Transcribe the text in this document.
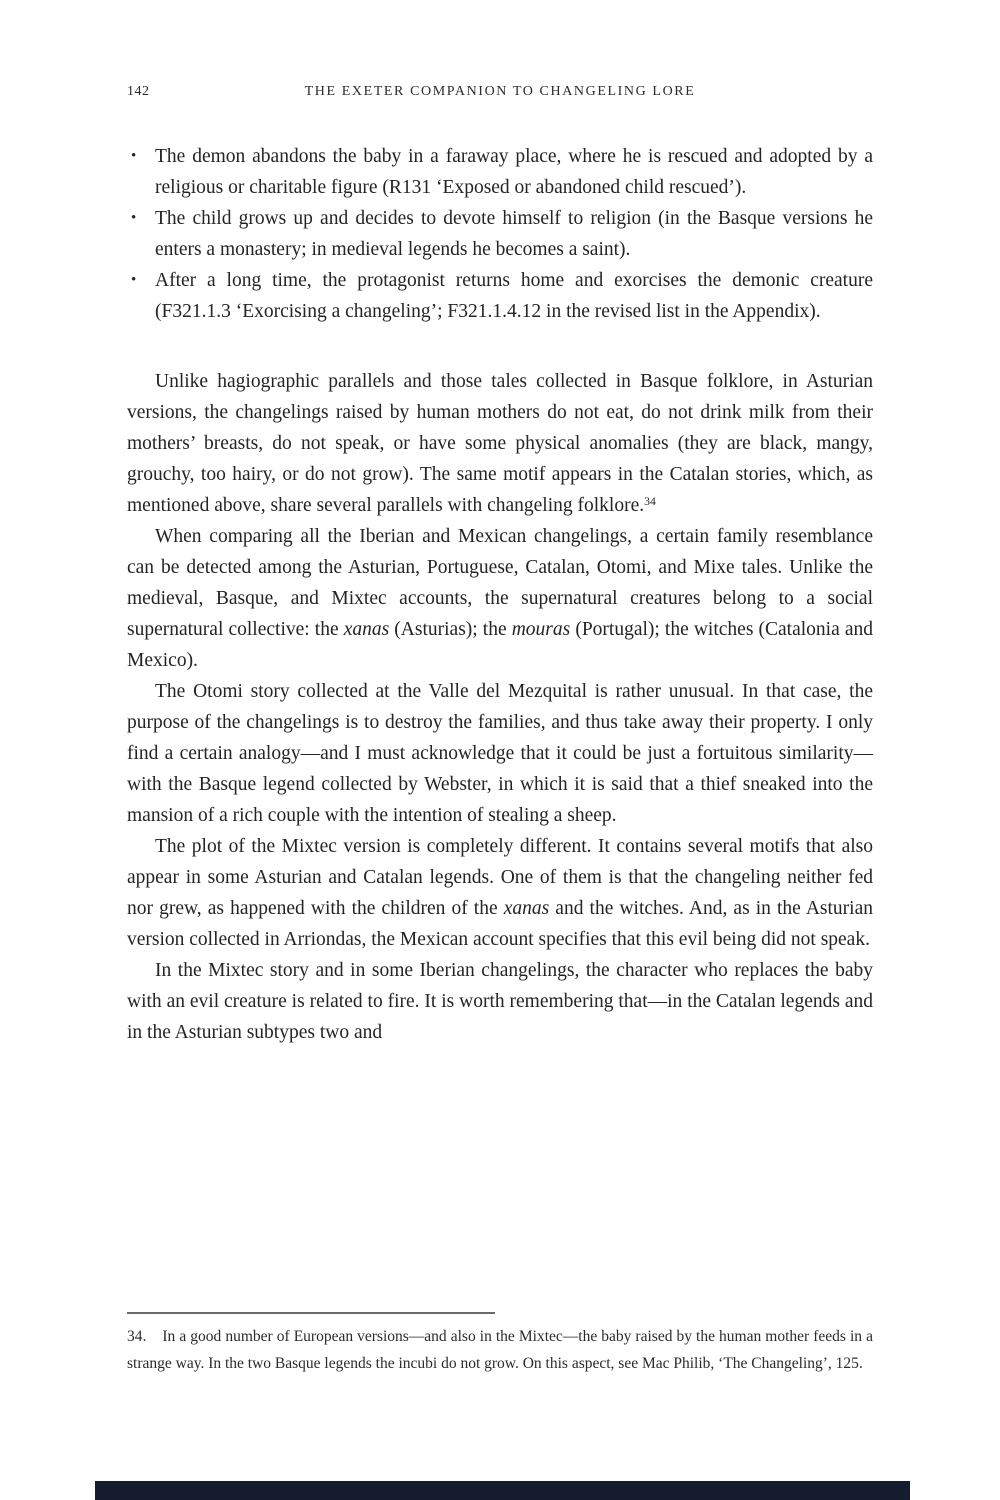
142	THE EXETER COMPANION TO CHANGELING LORE
• The demon abandons the baby in a faraway place, where he is rescued and adopted by a religious or charitable figure (R131 ‘Exposed or abandoned child rescued’).
• The child grows up and decides to devote himself to religion (in the Basque versions he enters a monastery; in medieval legends he becomes a saint).
• After a long time, the protagonist returns home and exorcises the demonic creature (F321.1.3 ‘Exorcising a changeling’; F321.1.4.12 in the revised list in the Appendix).
Unlike hagiographic parallels and those tales collected in Basque folklore, in Asturian versions, the changelings raised by human mothers do not eat, do not drink milk from their mothers’ breasts, do not speak, or have some physical anomalies (they are black, mangy, grouchy, too hairy, or do not grow). The same motif appears in the Catalan stories, which, as mentioned above, share several parallels with changeling folklore.$^{34}$
When comparing all the Iberian and Mexican changelings, a certain family resemblance can be detected among the Asturian, Portuguese, Catalan, Otomi, and Mixe tales. Unlike the medieval, Basque, and Mixtec accounts, the supernatural creatures belong to a social supernatural collective: the xanas (Asturias); the mouras (Portugal); the witches (Catalonia and Mexico).
The Otomi story collected at the Valle del Mezquital is rather unusual. In that case, the purpose of the changelings is to destroy the families, and thus take away their property. I only find a certain analogy—and I must acknowledge that it could be just a fortuitous similarity—with the Basque legend collected by Webster, in which it is said that a thief sneaked into the mansion of a rich couple with the intention of stealing a sheep.
The plot of the Mixtec version is completely different. It contains several motifs that also appear in some Asturian and Catalan legends. One of them is that the changeling neither fed nor grew, as happened with the children of the xanas and the witches. And, as in the Asturian version collected in Arriondas, the Mexican account specifies that this evil being did not speak.
In the Mixtec story and in some Iberian changelings, the character who replaces the baby with an evil creature is related to fire. It is worth remembering that—in the Catalan legends and in the Asturian subtypes two and
34. In a good number of European versions—and also in the Mixtec—the baby raised by the human mother feeds in a strange way. In the two Basque legends the incubi do not grow. On this aspect, see Mac Philib, ‘The Changeling’, 125.
